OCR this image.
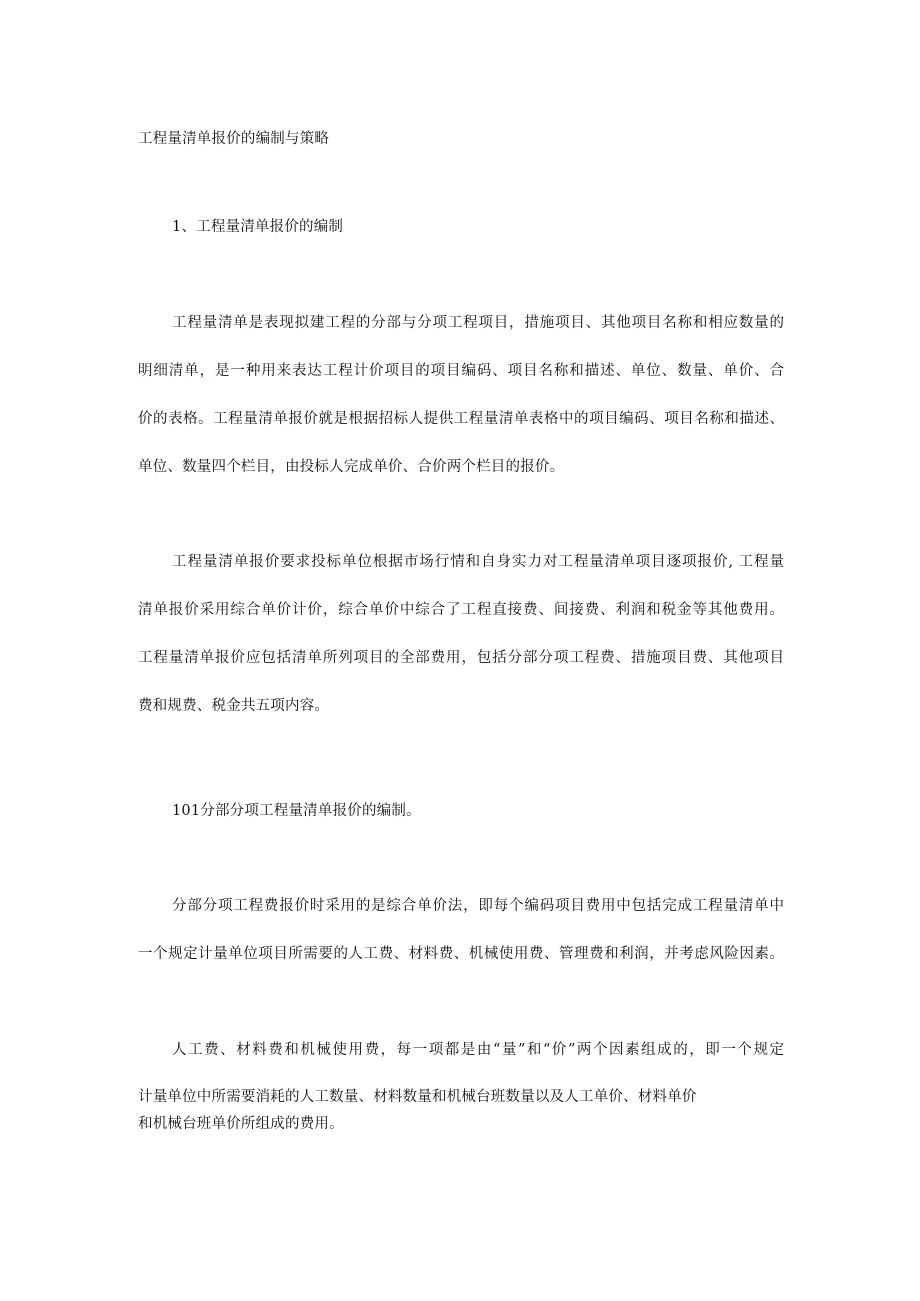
工程量清单报价的编制与策略
1、工程量清单报价的编制
工程量清单是表现拟建工程的分部与分项工程项目，措施项目、其他项目名称和相应数量的
明细清单，是一种用来表达工程计价项目的项目编码、项目名称和描述、单位、数量、单价、合
价的表格。工程量清单报价就是根据招标人提供工程量清单表格中的项目编码、项目名称和描述、
单位、数量四个栏目，由投标人完成单价、合价两个栏目的报价。
工程量清单报价要求投标单位根据市场行情和自身实力对工程量清单项目逐项报价, 工程量
清单报价采用综合单价计价，综合单价中综合了工程直接费、间接费、利润和税金等其他费用。
工程量清单报价应包括清单所列项目的全部费用，包括分部分项工程费、措施项目费、其他项目
费和规费、税金共五项内容。
101分部分项工程量清单报价的编制。
分部分项工程费报价时采用的是综合单价法，即每个编码项目费用中包括完成工程量清单中
一个规定计量单位项目所需要的人工费、材料费、机械使用费、管理费和利润，并考虑风险因素。
人工费、材料费和机械使用费，每一项都是由“量”和“价”两个因素组成的，即一个规定
计量单位中所需要消耗的人工数量、材料数量和机械台班数量以及人工单价、材料单价
和机械台班单价所组成的费用。
